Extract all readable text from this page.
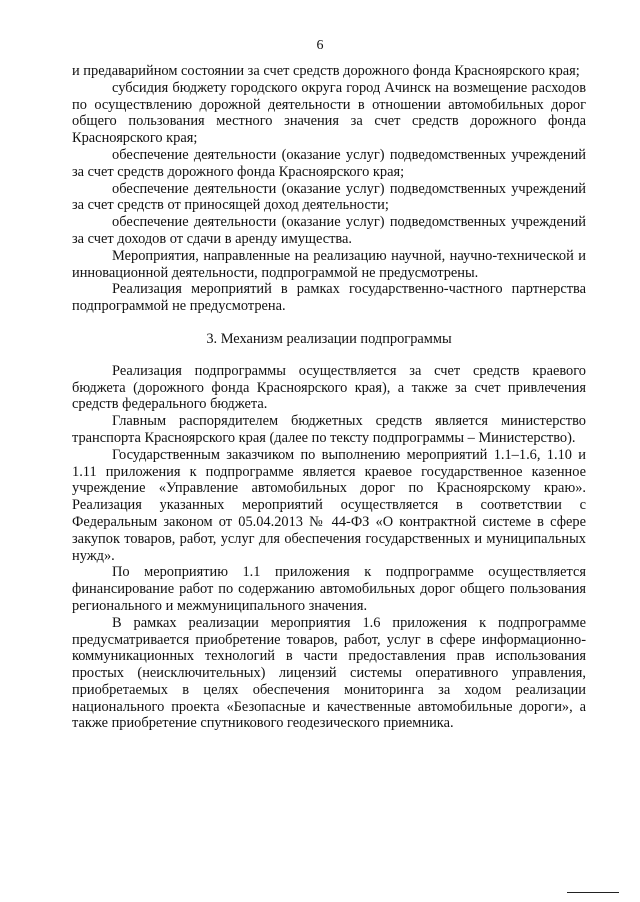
6

и предаварийном состоянии за счет средств дорожного фонда Красноярского края;

субсидия бюджету городского округа город Ачинск на возмещение расходов по осуществлению дорожной деятельности в отношении автомобильных дорог общего пользования местного значения за счет средств дорожного фонда Красноярского края;

обеспечение деятельности (оказание услуг) подведомственных учреждений за счет средств дорожного фонда Красноярского края;

обеспечение деятельности (оказание услуг) подведомственных учреждений за счет средств от приносящей доход деятельности;

обеспечение деятельности (оказание услуг) подведомственных учреждений за счет доходов от сдачи в аренду имущества.

Мероприятия, направленные на реализацию научной, научно-технической и инновационной деятельности, подпрограммой не предусмотрены.

Реализация мероприятий в рамках государственно-частного партнерства подпрограммой не предусмотрена.

3. Механизм реализации подпрограммы

Реализация подпрограммы осуществляется за счет средств краевого бюджета (дорожного фонда Красноярского края), а также за счет привлечения средств федерального бюджета.

Главным распорядителем бюджетных средств является министерство транспорта Красноярского края (далее по тексту подпрограммы – Министерство).

Государственным заказчиком по выполнению мероприятий 1.1–1.6, 1.10 и 1.11 приложения к подпрограмме является краевое государственное казенное учреждение «Управление автомобильных дорог по Красноярскому краю». Реализация указанных мероприятий осуществляется в соответствии с Федеральным законом от 05.04.2013 № 44-ФЗ «О контрактной системе в сфере закупок товаров, работ, услуг для обеспечения государственных и муниципальных нужд».

По мероприятию 1.1 приложения к подпрограмме осуществляется финансирование работ по содержанию автомобильных дорог общего пользования регионального и межмуниципального значения.

В рамках реализации мероприятия 1.6 приложения к подпрограмме предусматривается приобретение товаров, работ, услуг в сфере информационно-коммуникационных технологий в части предоставления прав использования простых (неисключительных) лицензий системы оперативного управления, приобретаемых в целях обеспечения мониторинга за ходом реализации национального проекта «Безопасные и качественные автомобильные дороги», а также приобретение спутникового геодезического приемника.
